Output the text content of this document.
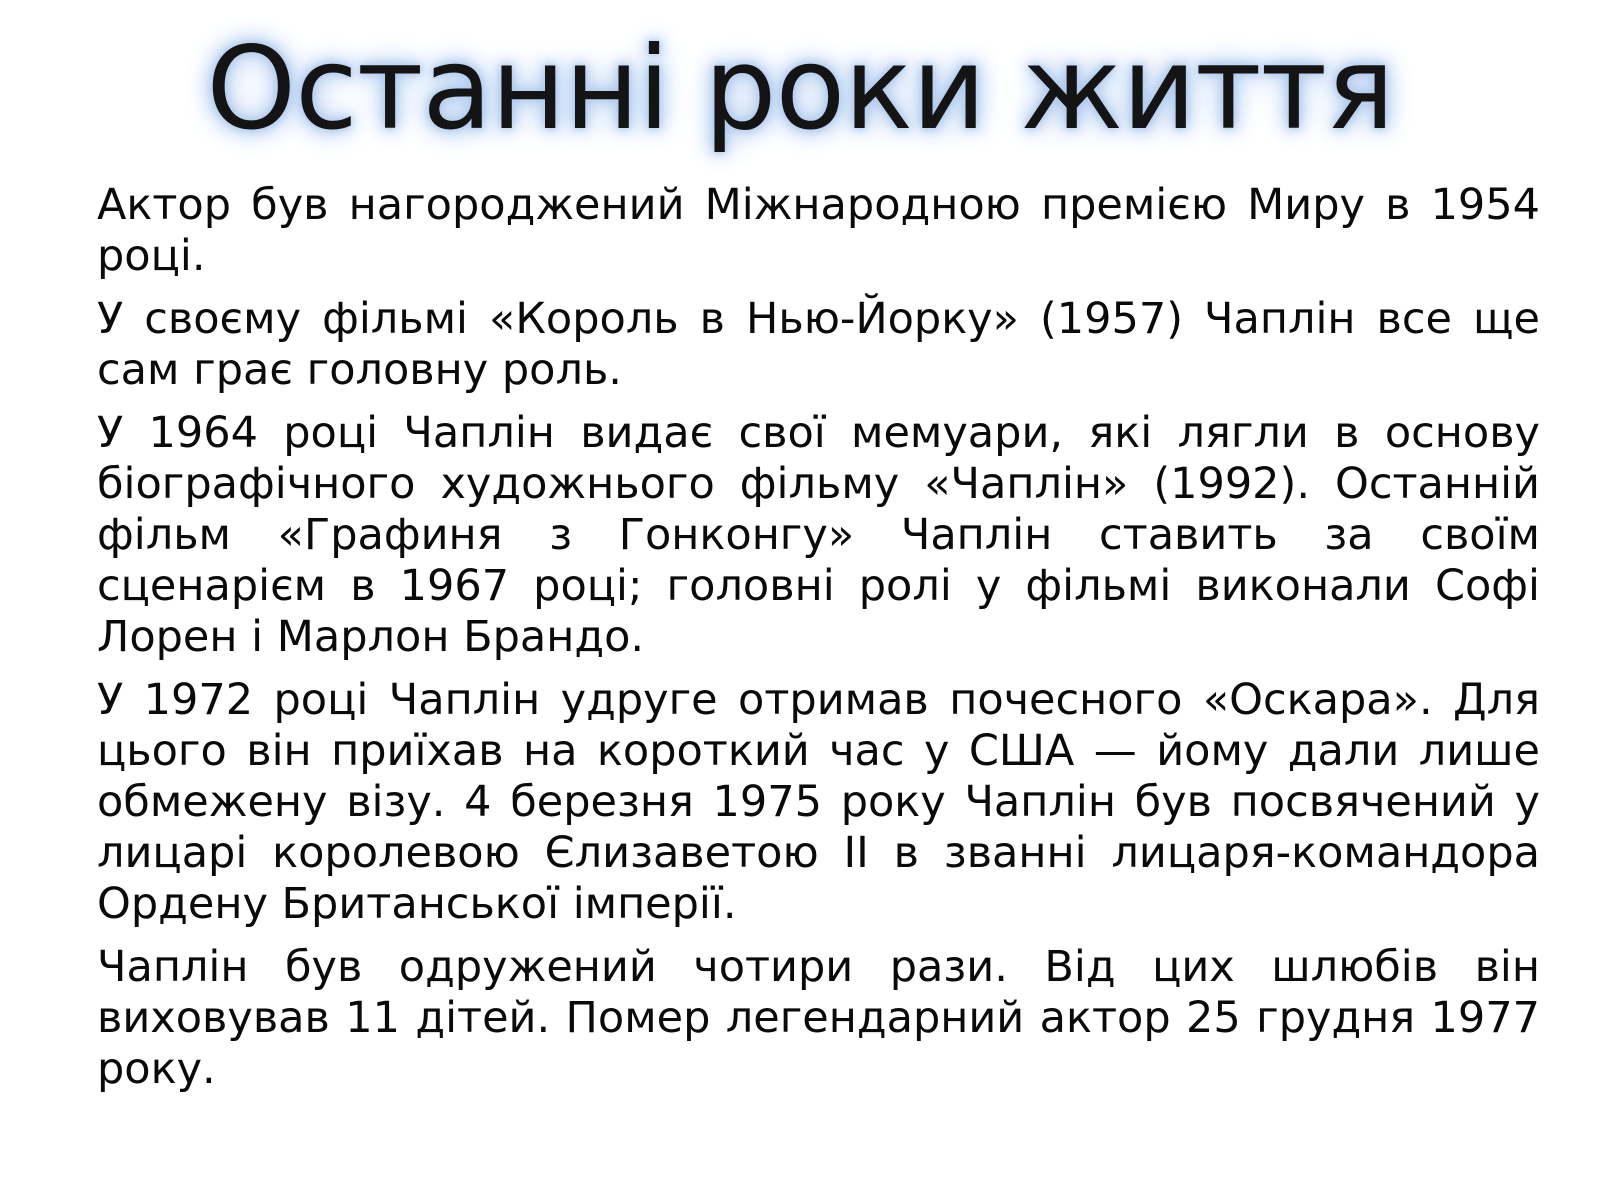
Останні роки життя

Актор був нагороджений Міжнародною премією Миру в 1954 році.

У своєму фільмі «Король в Нью-Йорку» (1957) Чаплін все ще сам грає головну роль.

У 1964 році Чаплін видає свої мемуари, які лягли в основу біографічного художнього фільму «Чаплін» (1992). Останній фільм «Графиня з Гонконгу» Чаплін ставить за своїм сценарієм в 1967 році; головні ролі у фільмі виконали Софі Лорен і Марлон Брандо.

У 1972 році Чаплін удруге отримав почесного «Оскара». Для цього він приїхав на короткий час у США — йому дали лише обмежену візу. 4 березня 1975 року Чаплін був посвячений у лицарі королевою Єлизаветою II в званні лицаря-командора Ордену Британської імперії.

Чаплін був одружений чотири рази. Від цих шлюбів він виховував 11 дітей. Помер легендарний актор 25 грудня 1977 року.
